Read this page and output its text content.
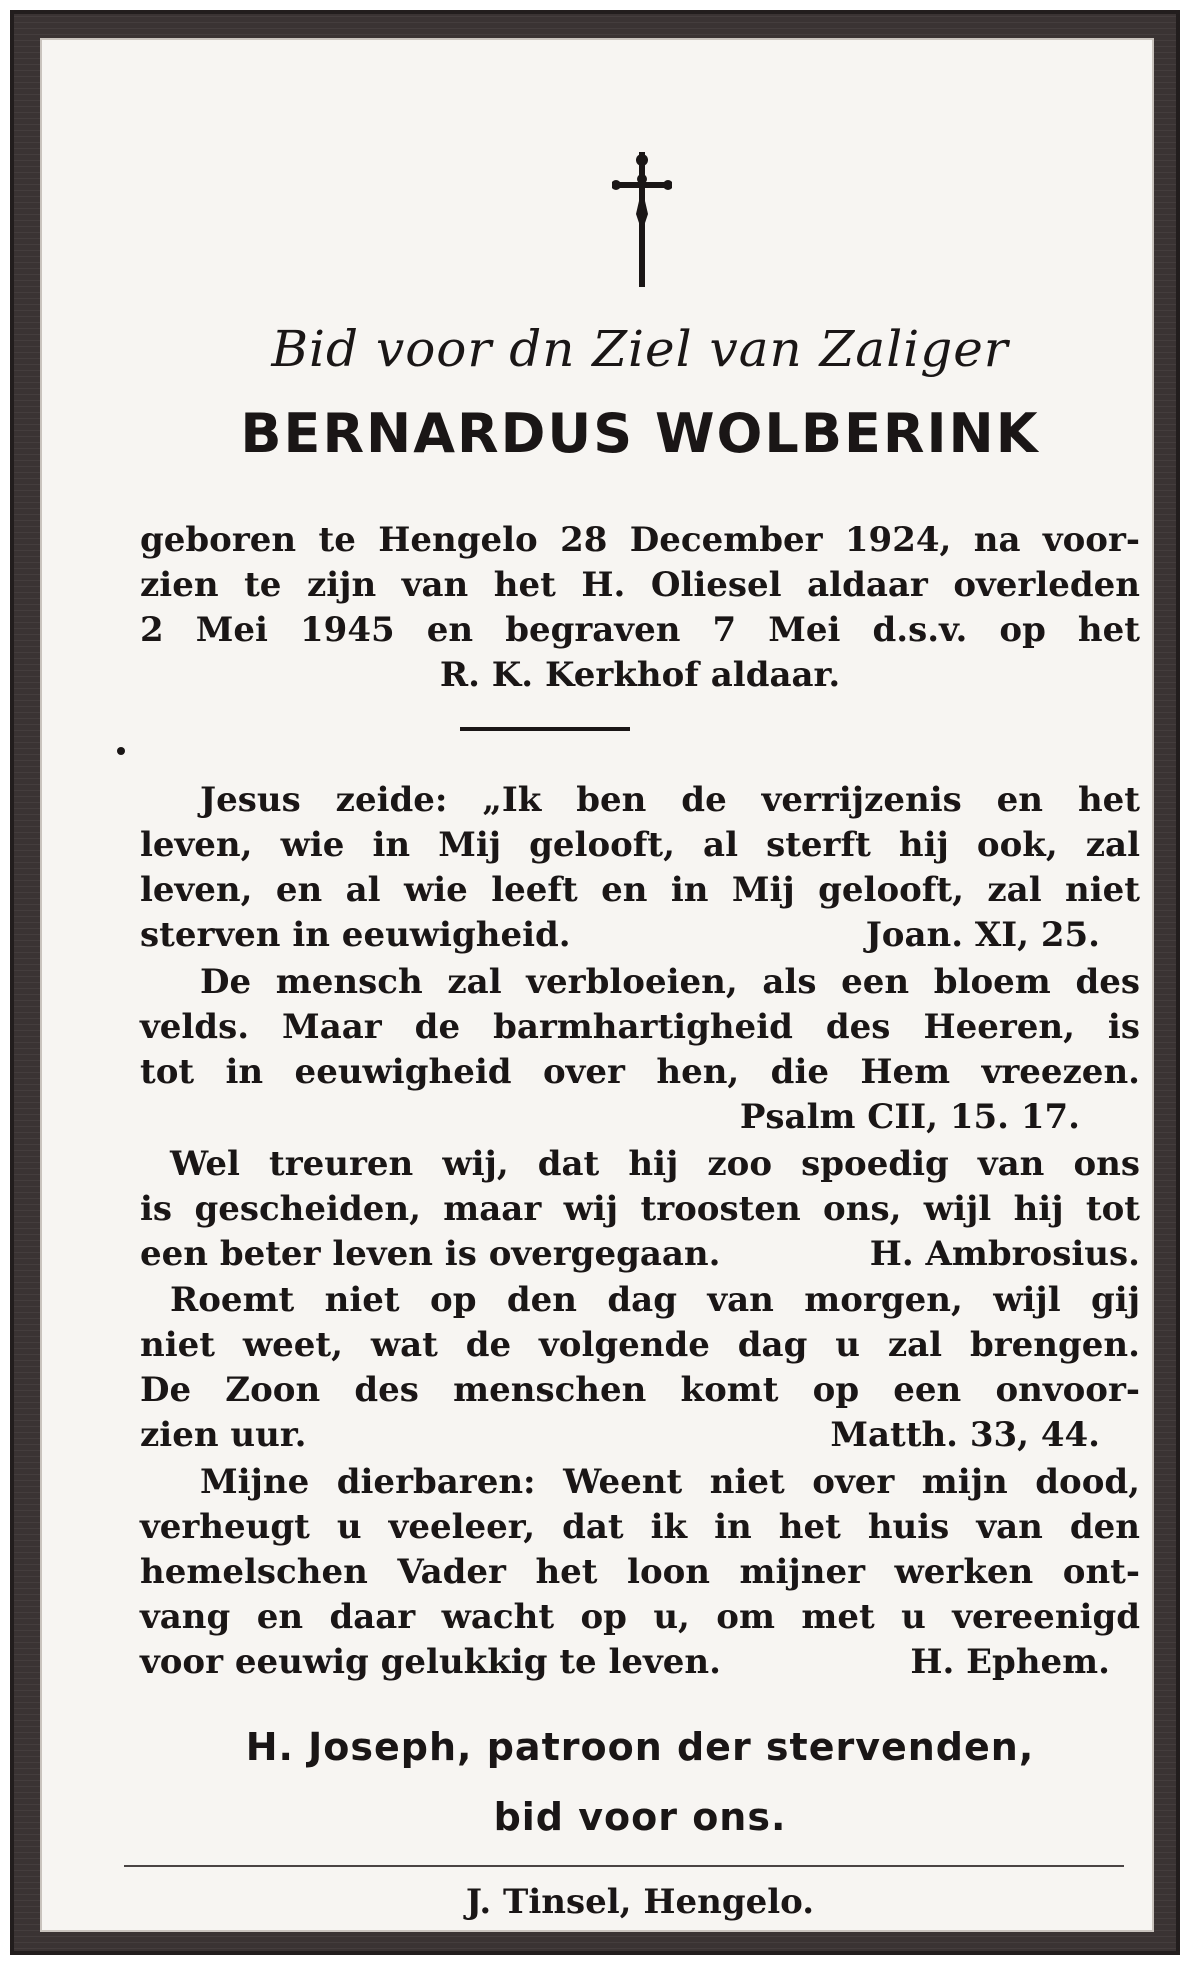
Bid voor dn Ziel van Zaliger
BERNARDUS WOLBERINK
geboren te Hengelo 28 December 1924, na voor-
zien te zijn van het H. Oliesel aldaar overleden
2 Mei 1945 en begraven 7 Mei d.s.v. op het
R. K. Kerkhof aldaar.
Jesus zeide: „Ik ben de verrijzenis en het
leven, wie in Mij gelooft, al sterft hij ook, zal
leven, en al wie leeft en in Mij gelooft, zal niet
sterven in eeuwigheid.	Joan. XI, 25.
De mensch zal verbloeien, als een bloem des
velds. Maar de barmhartigheid des Heeren, is
tot in eeuwigheid over hen, die Hem vreezen.
Psalm CII, 15. 17.
Wel treuren wij, dat hij zoo spoedig van ons
is gescheiden, maar wij troosten ons, wijl hij tot
een beter leven is overgegaan.	H. Ambrosius.
Roemt niet op den dag van morgen, wijl gij
niet weet, wat de volgende dag u zal brengen.
De Zoon des menschen komt op een onvoor-
zien uur.	Matth. 33, 44.
Mijne dierbaren: Weent niet over mijn dood,
verheugt u veeleer, dat ik in het huis van den
hemelschen Vader het loon mijner werken ont-
vang en daar wacht op u, om met u vereenigd
voor eeuwig gelukkig te leven.	H. Ephem.
H. Joseph, patroon der stervenden,
bid voor ons.
J. Tinsel, Hengelo.
